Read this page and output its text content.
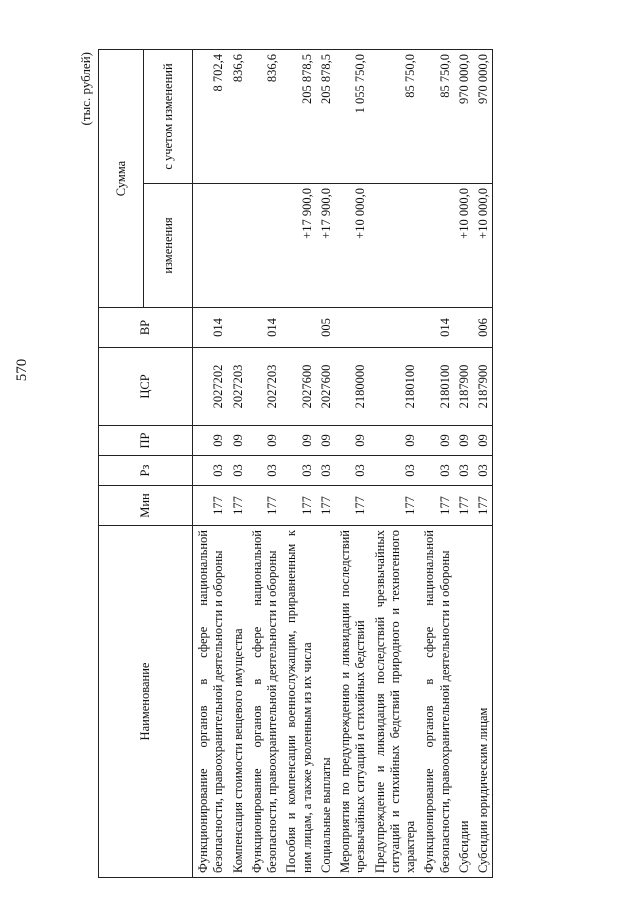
570
(тыс. рублей)
Наименование	Мин	Рз	ПР	ЦСР	ВР	Сумма	
						изменения	с учетом изменений
Функционирование органов в сфере национальной безопасности, правоохранительной деятельности и обороны	177	03	09	2027202	014		8 702,4
Компенсация стоимости вещевого имущества	177	03	09	2027203			836,6
Функционирование органов в сфере национальной безопасности, правоохранительной деятельности и обороны	177	03	09	2027203	014		836,6
Пособия и компенсации военнослужащим, приравненным к ним лицам, а также уволенным из их числа	177	03	09	2027600		+17 900,0	205 878,5
Социальные выплаты	177	03	09	2027600	005	+17 900,0	205 878,5
Мероприятия по предупреждению и ликвидации последствий чрезвычайных ситуаций и стихийных бедствий	177	03	09	2180000		+10 000,0	1 055 750,0
Предупреждение и ликвидация последствий чрезвычайных ситуаций и стихийных бедствий природного и техногенного характера	177	03	09	2180100			85 750,0
Функционирование органов в сфере национальной безопасности, правоохранительной деятельности и обороны	177	03	09	2180100	014		85 750,0
Субсидии	177	03	09	2187900		+10 000,0	970 000,0
Субсидии юридическим лицам	177	03	09	2187900	006	+10 000,0	970 000,0
